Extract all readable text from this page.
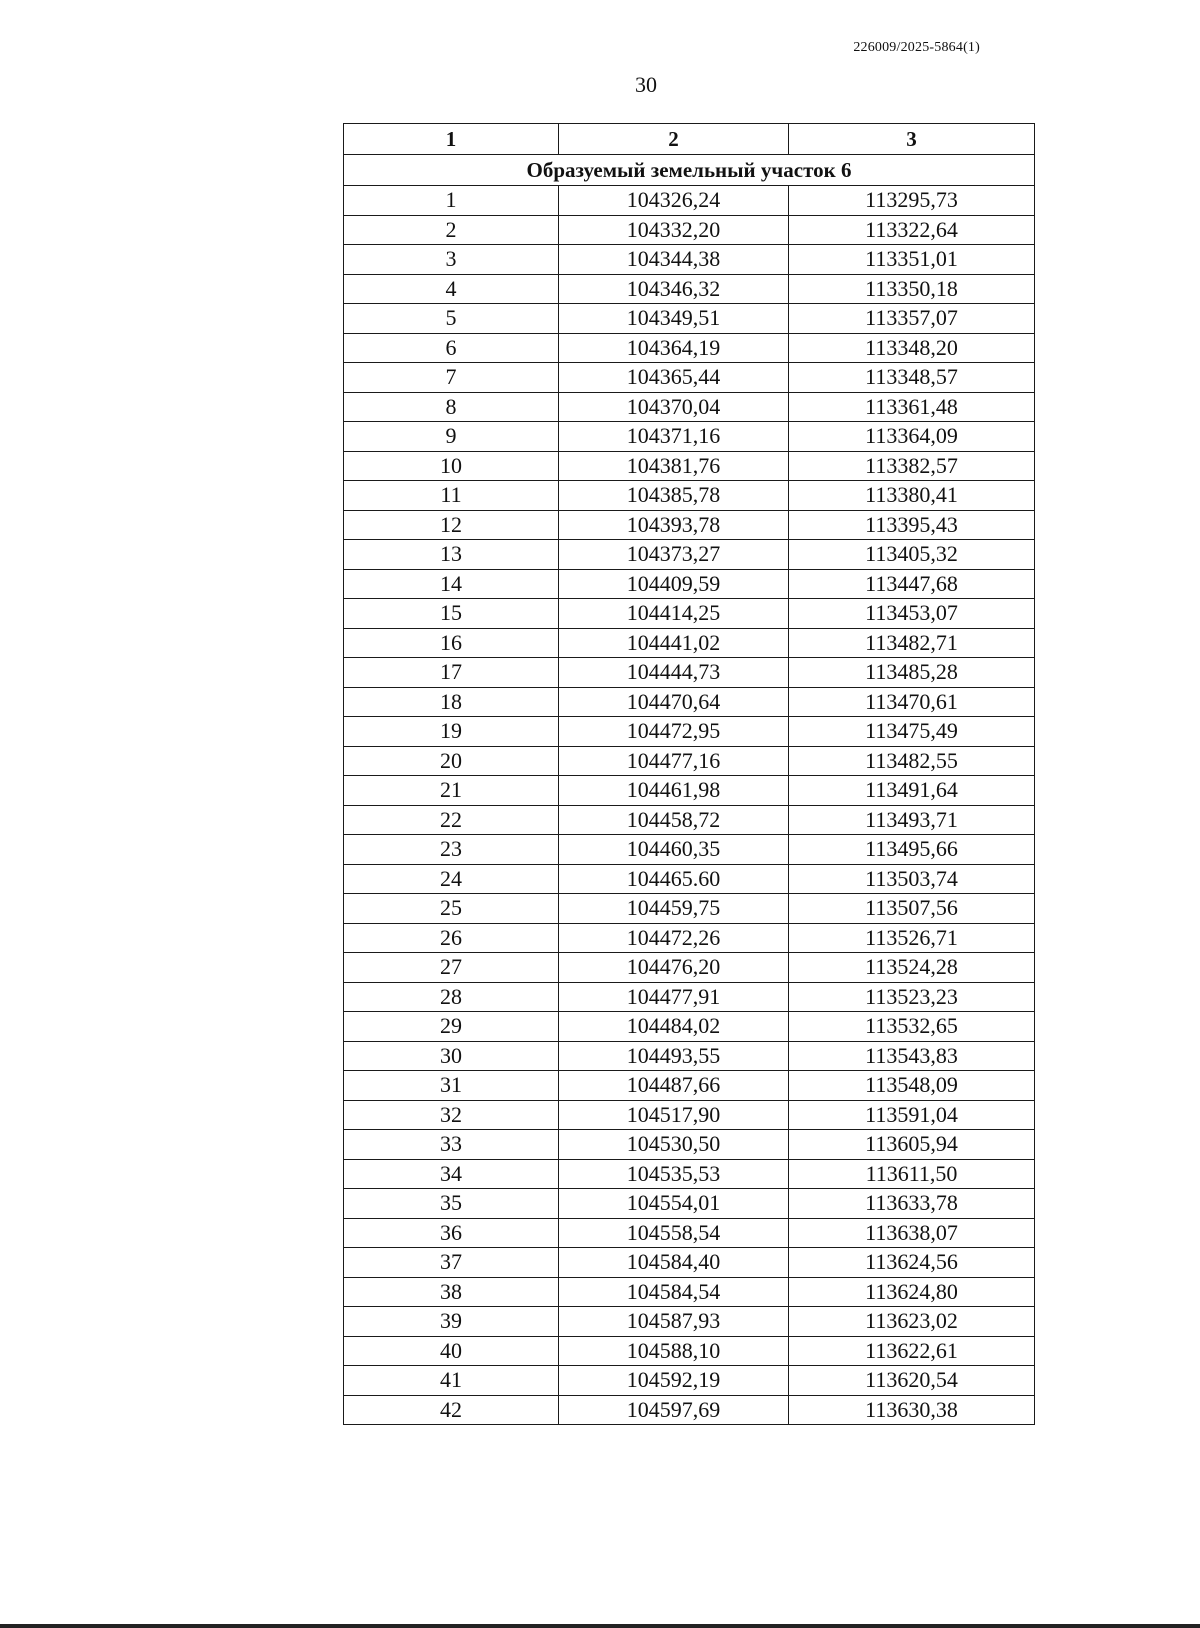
226009/2025-5864(1)
30
1	2	3
Образуемый земельный участок 6		
1	104326,24	113295,73
2	104332,20	113322,64
3	104344,38	113351,01
4	104346,32	113350,18
5	104349,51	113357,07
6	104364,19	113348,20
7	104365,44	113348,57
8	104370,04	113361,48
9	104371,16	113364,09
10	104381,76	113382,57
11	104385,78	113380,41
12	104393,78	113395,43
13	104373,27	113405,32
14	104409,59	113447,68
15	104414,25	113453,07
16	104441,02	113482,71
17	104444,73	113485,28
18	104470,64	113470,61
19	104472,95	113475,49
20	104477,16	113482,55
21	104461,98	113491,64
22	104458,72	113493,71
23	104460,35	113495,66
24	104465.60	113503,74
25	104459,75	113507,56
26	104472,26	113526,71
27	104476,20	113524,28
28	104477,91	113523,23
29	104484,02	113532,65
30	104493,55	113543,83
31	104487,66	113548,09
32	104517,90	113591,04
33	104530,50	113605,94
34	104535,53	113611,50
35	104554,01	113633,78
36	104558,54	113638,07
37	104584,40	113624,56
38	104584,54	113624,80
39	104587,93	113623,02
40	104588,10	113622,61
41	104592,19	113620,54
42	104597,69	113630,38
